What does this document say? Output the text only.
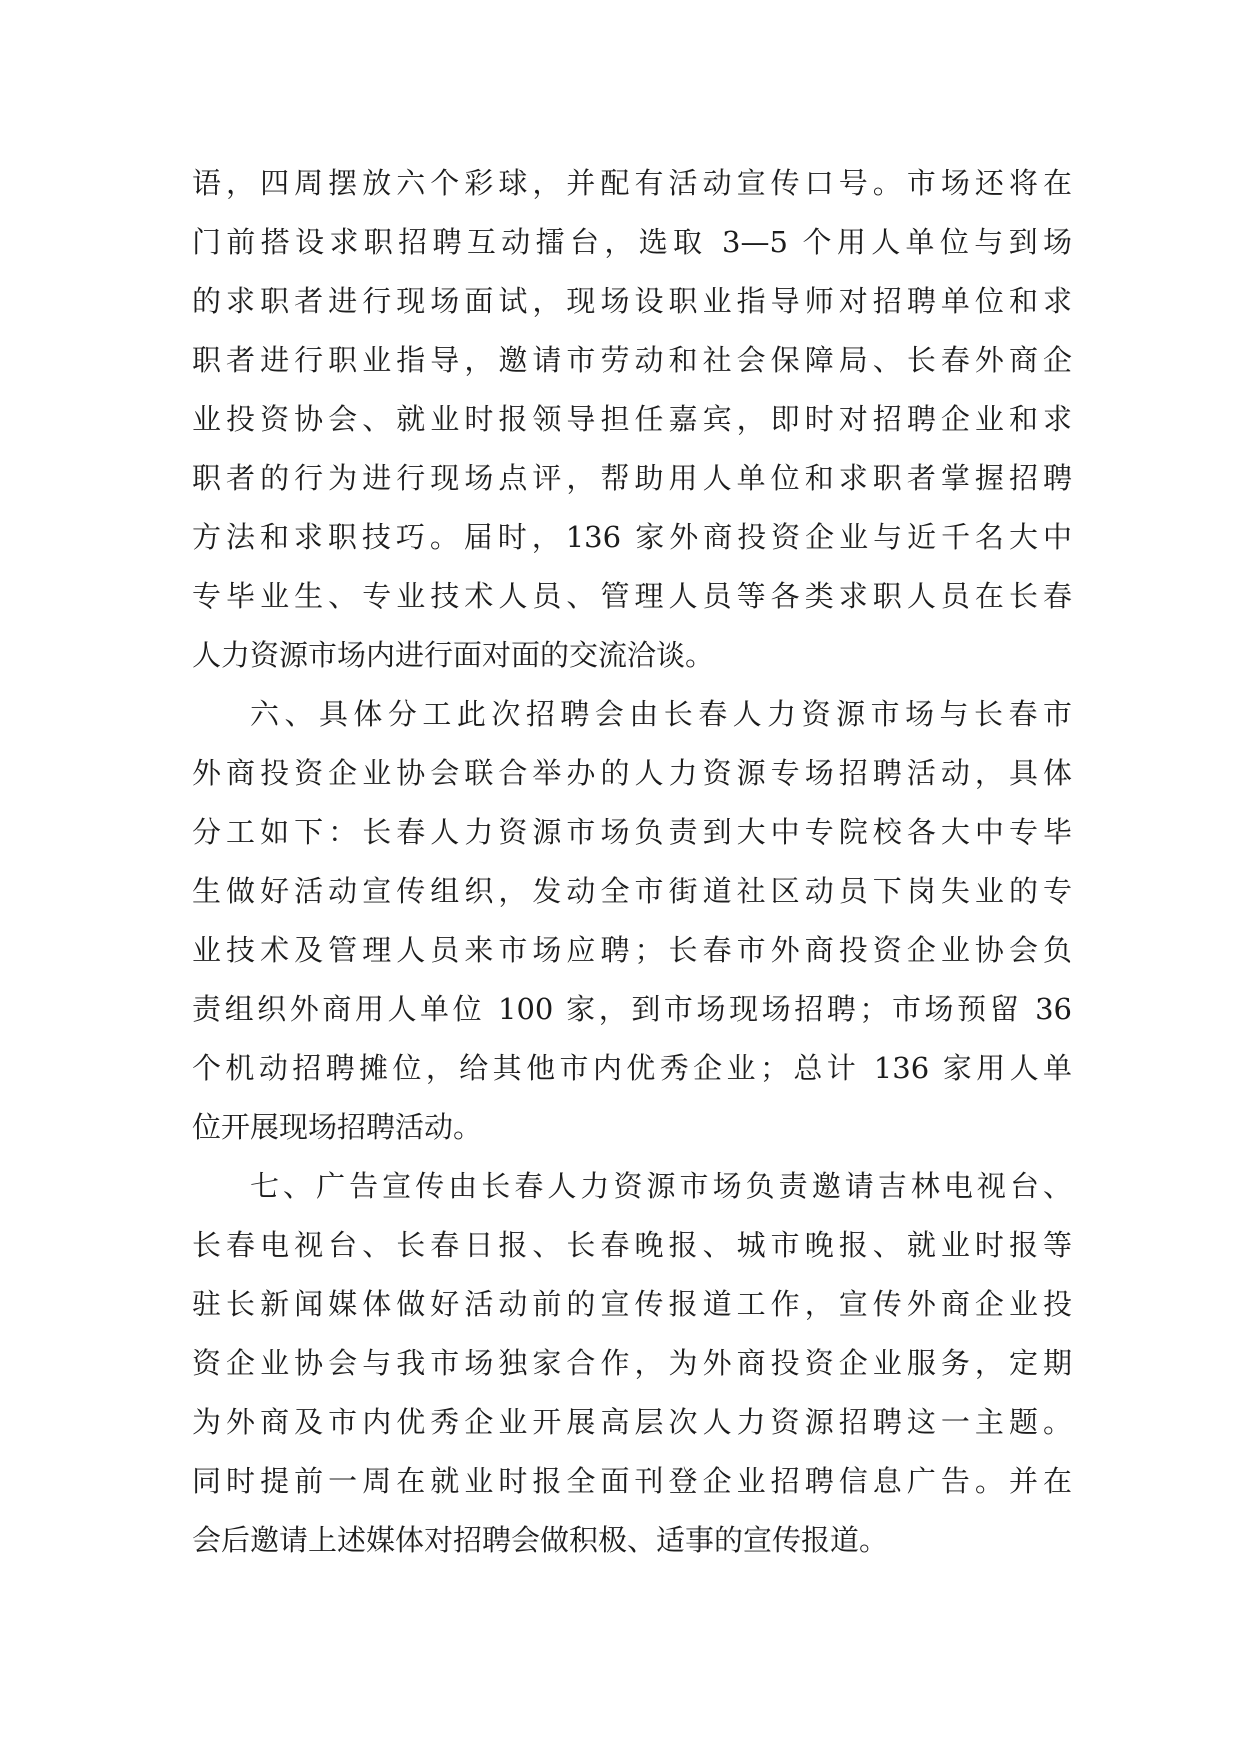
语，四周摆放六个彩球，并配有活动宣传口号。市场还将在
门前搭设求职招聘互动擂台，选取 3—5 个用人单位与到场
的求职者进行现场面试，现场设职业指导师对招聘单位和求
职者进行职业指导，邀请市劳动和社会保障局、长春外商企
业投资协会、就业时报领导担任嘉宾，即时对招聘企业和求
职者的行为进行现场点评，帮助用人单位和求职者掌握招聘
方法和求职技巧。届时，136 家外商投资企业与近千名大中
专毕业生、专业技术人员、管理人员等各类求职人员在长春
人力资源市场内进行面对面的交流洽谈。
六、具体分工此次招聘会由长春人力资源市场与长春市
外商投资企业协会联合举办的人力资源专场招聘活动，具体
分工如下：长春人力资源市场负责到大中专院校各大中专毕
生做好活动宣传组织，发动全市街道社区动员下岗失业的专
业技术及管理人员来市场应聘；长春市外商投资企业协会负
责组织外商用人单位 100 家，到市场现场招聘；市场预留 36
个机动招聘摊位，给其他市内优秀企业；总计 136 家用人单
位开展现场招聘活动。
七、广告宣传由长春人力资源市场负责邀请吉林电视台、
长春电视台、长春日报、长春晚报、城市晚报、就业时报等
驻长新闻媒体做好活动前的宣传报道工作，宣传外商企业投
资企业协会与我市场独家合作，为外商投资企业服务，定期
为外商及市内优秀企业开展高层次人力资源招聘这一主题。
同时提前一周在就业时报全面刊登企业招聘信息广告。并在
会后邀请上述媒体对招聘会做积极、适事的宣传报道。
